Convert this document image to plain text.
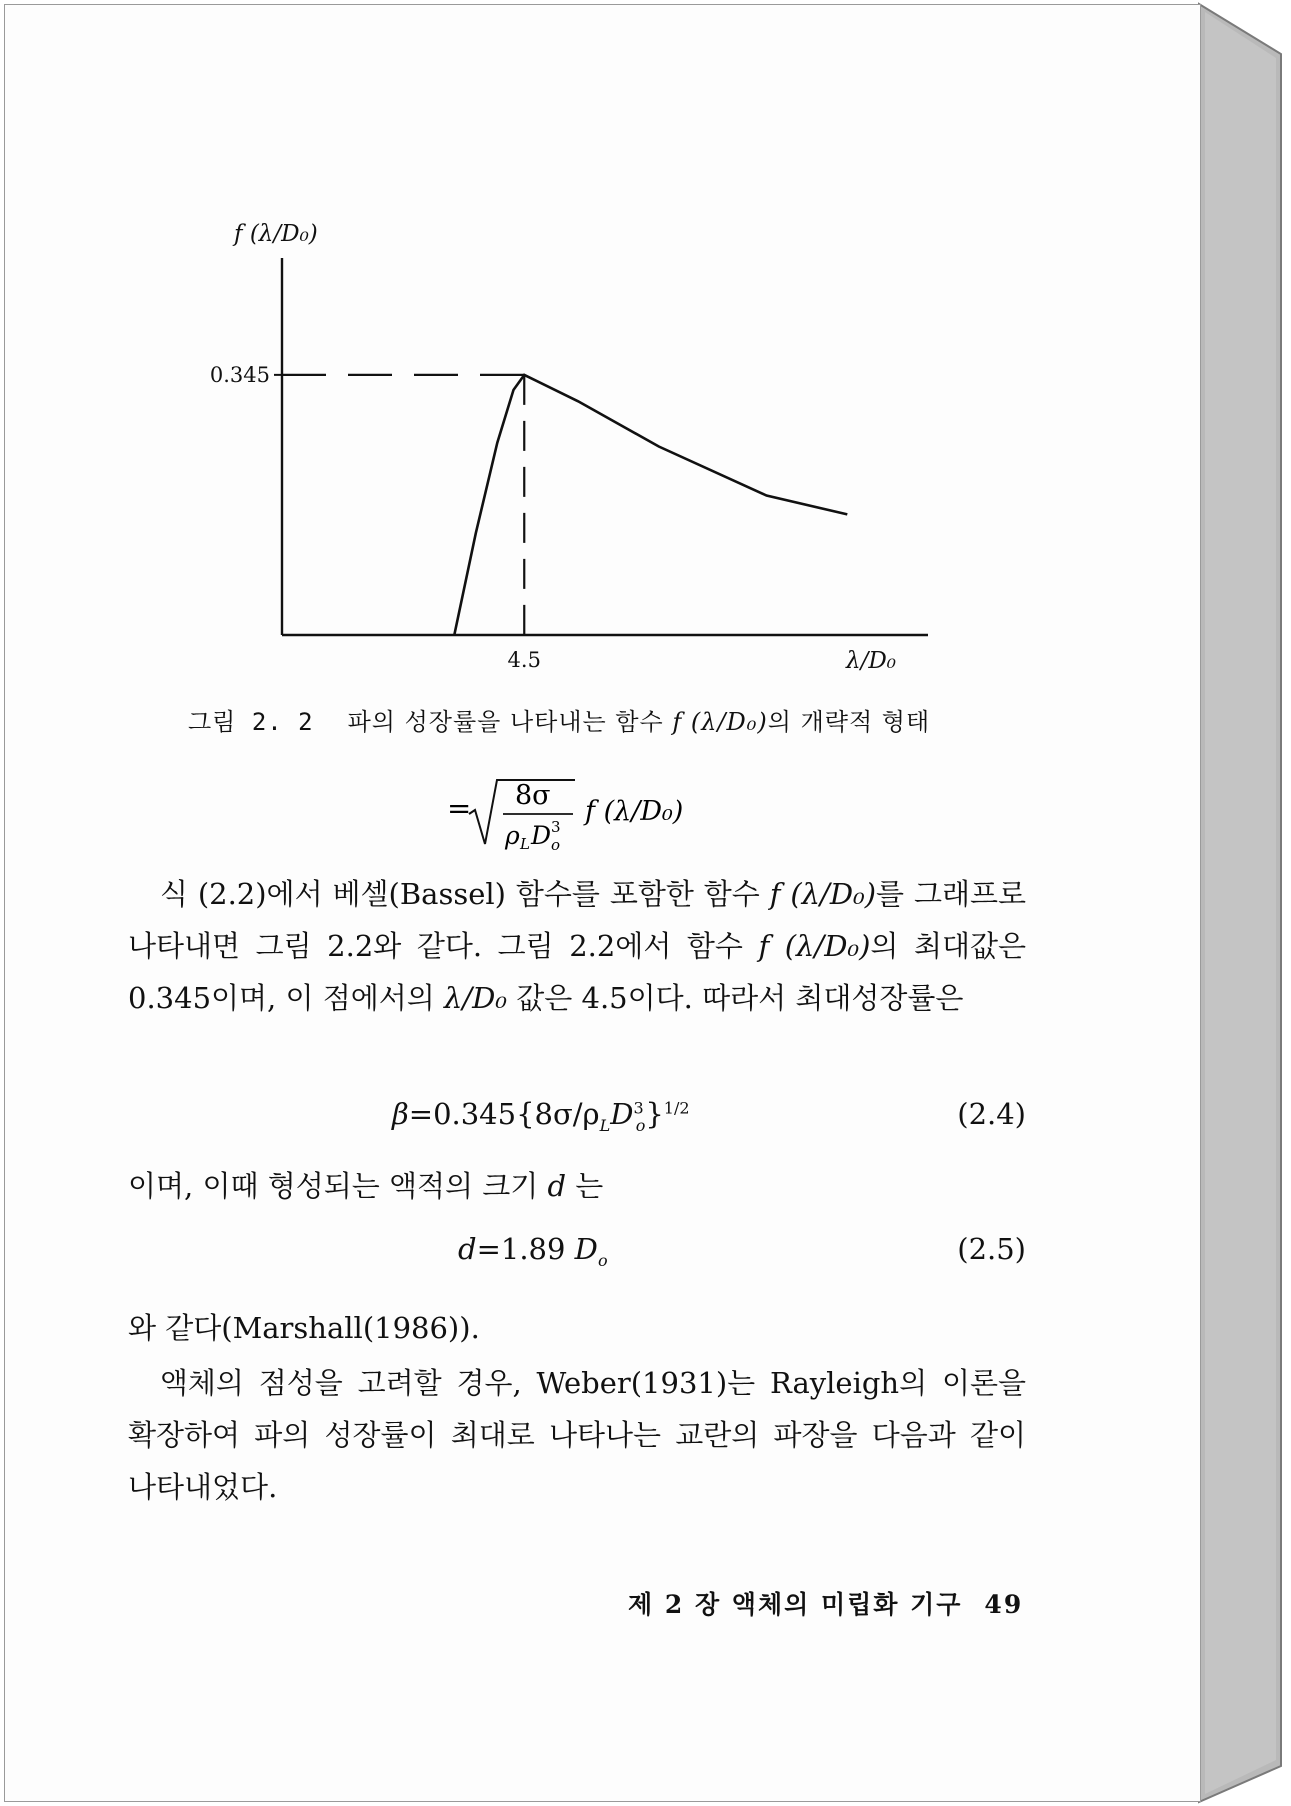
f (λ/D₀)
λ/D₀
0.345
4.5
그림 2. 2 파의 성장률을 나타내는 함수 f (λ/D₀)의 개략적 형태
= 8σ
ρ L D 3
o
f (λ/D₀)
식 (2.2)에서 베셀(Bassel) 함수를 포함한 함수 f (λ/D₀)를 그래프로 나타내면 그림 2.2와 같다. 그림 2.2에서 함수 f (λ/D₀)의 최대값은 0.345이며, 이 점에서의 λ/D₀ 값은 4.5이다. 따라서 최대성장률은
$\beta=0.345\{8\sigma/\rho_LD^3_o\}^{1/2}$	(2.4)
이며, 이때 형성되는 액적의 크기 d 는
d=1.89 $D_o$	(2.5)
와 같다(Marshall(1986)).
액체의 점성을 고려할 경우, Weber(1931)는 Rayleigh의 이론을 확장하여 파의 성장률이 최대로 나타나는 교란의 파장을 다음과 같이 나타내었다.
제 2 장 액체의 미립화 기구 49
